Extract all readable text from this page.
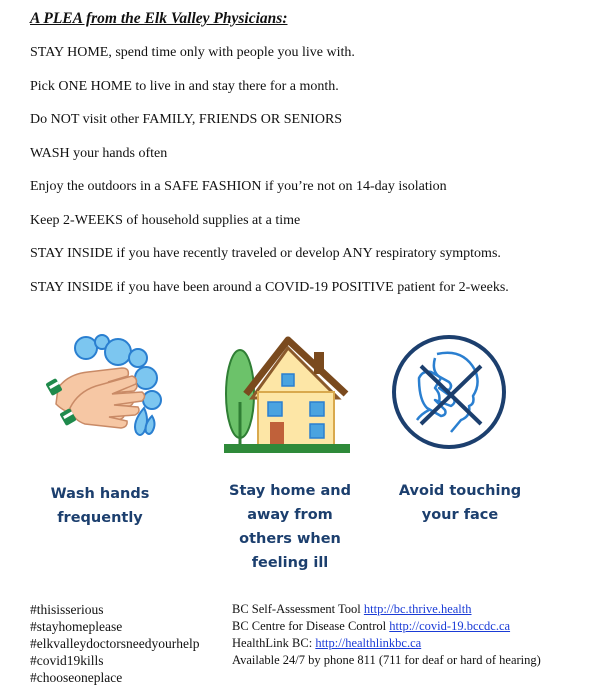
A PLEA from the Elk Valley Physicians:
STAY HOME, spend time only with people you live with.
Pick ONE HOME to live in and stay there for a month.
Do NOT visit other FAMILY, FRIENDS OR SENIORS
WASH your hands often
Enjoy the outdoors in a SAFE FASHION if you’re not on 14-day isolation
Keep 2-WEEKS of household supplies at a time
STAY INSIDE if you have recently traveled or develop ANY respiratory symptoms.
STAY INSIDE if you have been around a COVID-19 POSITIVE patient for 2-weeks.
Wash hands
frequently
Stay home and
away from
others when
feeling ill
Avoid touching
your face
#thisisserious
#stayhomeplease
#elkvalleydoctorsneedyourhelp
#covid19kills
#chooseoneplace
BC Self-Assessment Tool http://bc.thrive.health
BC Centre for Disease Control http://covid-19.bccdc.ca
HealthLink BC: http://healthlinkbc.ca
Available 24/7 by phone 811 (711 for deaf or hard of hearing)
